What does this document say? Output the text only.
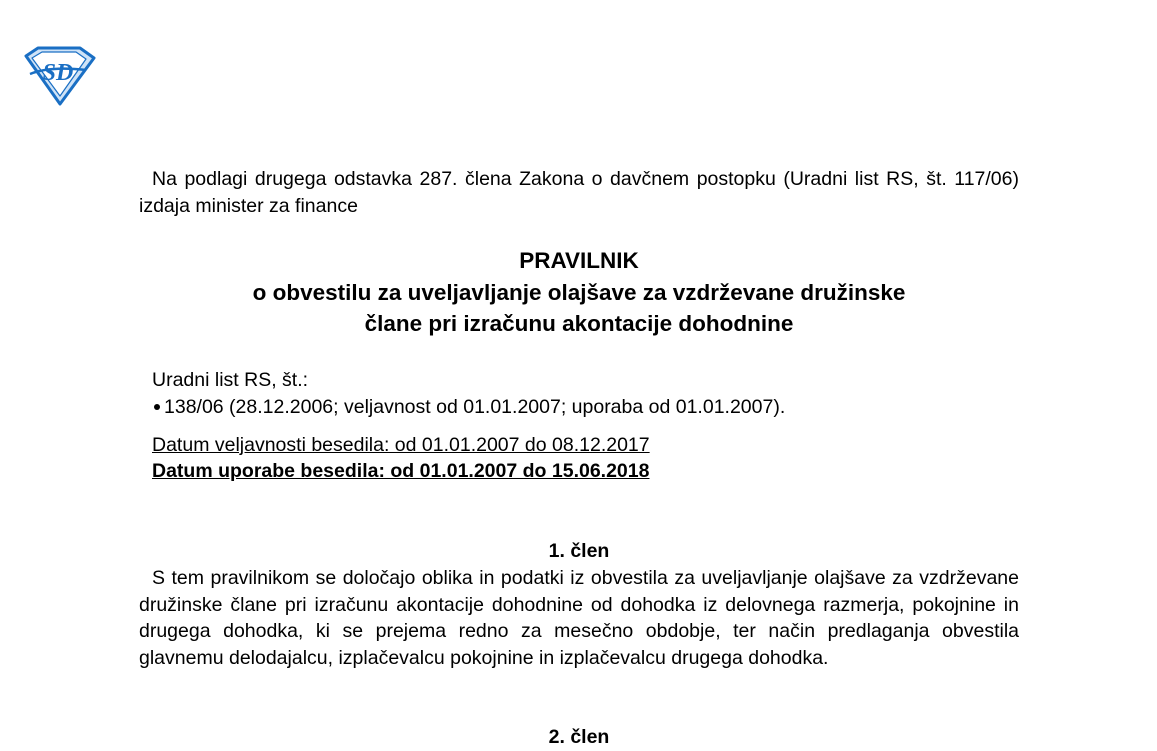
SD

Na podlagi drugega odstavka 287. člena Zakona o davčnem postopku (Uradni list RS, št. 117/06) izdaja minister za finance

PRAVILNIK
o obvestilu za uveljavljanje olajšave za vzdrževane družinske
člane pri izračunu akontacije dohodnine
Uradni list RS, št.:
138/06 (28.12.2006; veljavnost od 01.01.2007; uporaba od 01.01.2007).
Datum veljavnosti besedila: od 01.01.2007 do 08.12.2017
Datum uporabe besedila: od 01.01.2007 do 15.06.2018
1. člen

S tem pravilnikom se določajo oblika in podatki iz obvestila za uveljavljanje olajšave za vzdrževane družinske člane pri izračunu akontacije dohodnine od dohodka iz delovnega razmerja, pokojnine in drugega dohodka, ki se prejema redno za mesečno obdobje, ter način predlaganja obvestila glavnemu delodajalcu, izplačevalcu pokojnine in izplačevalcu drugega dohodka.

2. člen
